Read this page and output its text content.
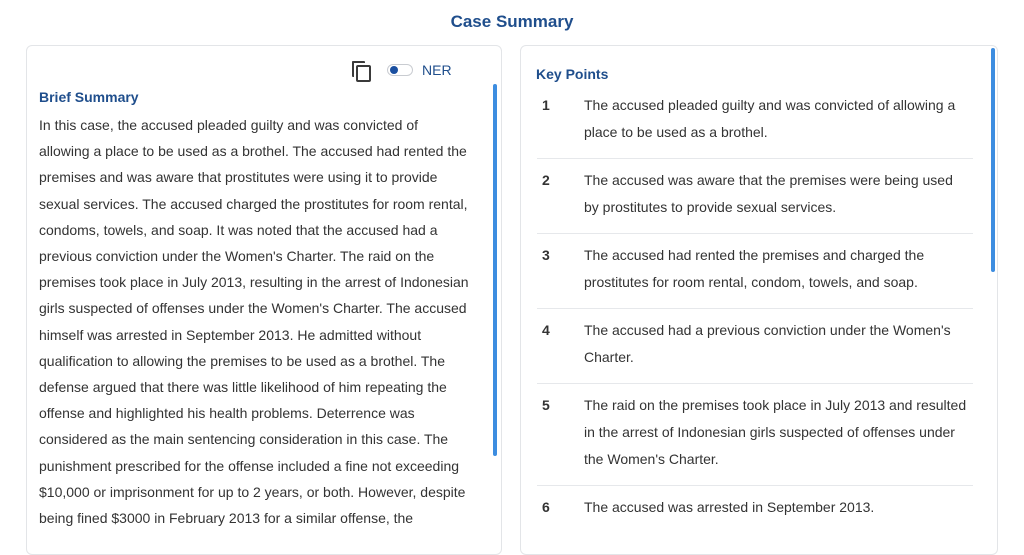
Case Summary
NER
Brief Summary
In this case, the accused pleaded guilty and was convicted of
allowing a place to be used as a brothel. The accused had rented the
premises and was aware that prostitutes were using it to provide
sexual services. The accused charged the prostitutes for room rental,
condoms, towels, and soap. It was noted that the accused had a
previous conviction under the Women's Charter. The raid on the
premises took place in July 2013, resulting in the arrest of Indonesian
girls suspected of offenses under the Women's Charter. The accused
himself was arrested in September 2013. He admitted without
qualification to allowing the premises to be used as a brothel. The
defense argued that there was little likelihood of him repeating the
offense and highlighted his health problems. Deterrence was
considered as the main sentencing consideration in this case. The
punishment prescribed for the offense included a fine not exceeding
$10,000 or imprisonment for up to 2 years, or both. However, despite
being fined $3000 in February 2013 for a similar offense, the
Key Points
1	The accused pleaded guilty and was convicted of allowing a
place to be used as a brothel.
2	The accused was aware that the premises were being used
by prostitutes to provide sexual services.
3	The accused had rented the premises and charged the
prostitutes for room rental, condom, towels, and soap.
4	The accused had a previous conviction under the Women's
Charter.
5	The raid on the premises took place in July 2013 and resulted
in the arrest of Indonesian girls suspected of offenses under
the Women's Charter.
6	The accused was arrested in September 2013.
